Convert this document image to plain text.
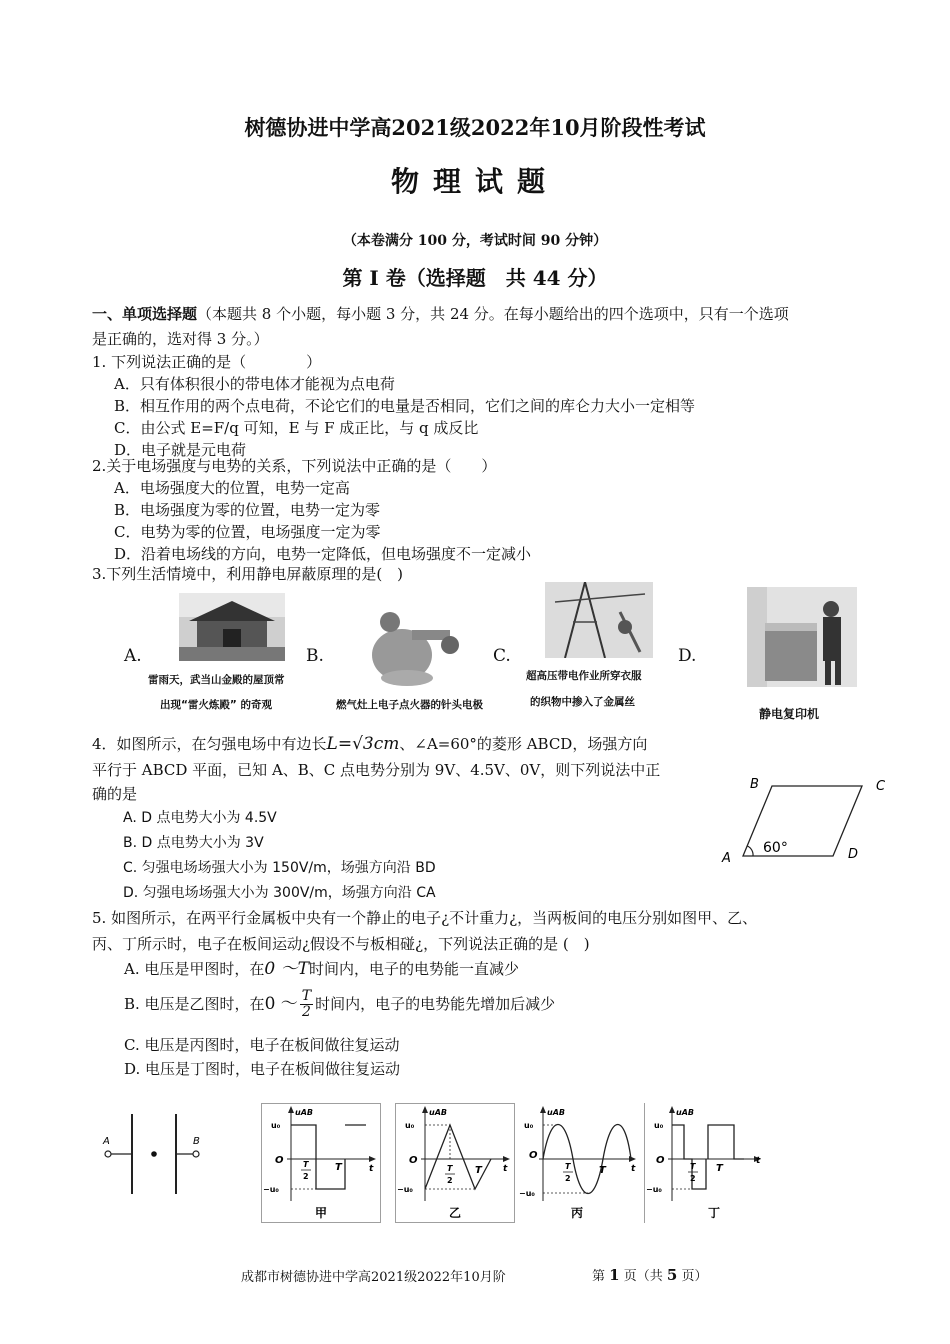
树德协进中学高2021级2022年10月阶段性考试
物理试题
（本卷满分 100 分，考试时间 90 分钟）
第 I 卷（选择题　共 44 分）
一、单项选择题（本题共 8 个小题，每小题 3 分，共 24 分。在每小题给出的四个选项中，只有一个选项
是正确的，选对得 3 分。）
1. 下列说法正确的是（　　　　）
A．只有体积很小的带电体才能视为点电荷
B．相互作用的两个点电荷，不论它们的电量是否相同，它们之间的库仑力大小一定相等
C．由公式 E=F/q 可知，E 与 F 成正比，与 q 成反比
D．电子就是元电荷
2.关于电场强度与电势的关系，下列说法中正确的是（　　）
A．电场强度大的位置，电势一定高
B．电场强度为零的位置，电势一定为零
C．电势为零的位置，电场强度一定为零
D．沿着电场线的方向，电势一定降低，但电场强度不一定减小
3.下列生活情境中，利用静电屏蔽原理的是(　)
A.
雷雨天，武当山金殿的屋顶常
出现“雷火炼殿” 的奇观
B.
燃气灶上电子点火器的针头电极
C.
超高压带电作业所穿衣服
的织物中掺入了金属丝
D.
静电复印机
4．如图所示，在匀强电场中有边长L=√3cm、∠A=60°的菱形 ABCD，场强方向
平行于 ABCD 平面，已知 A、B、C 点电势分别为 9V、4.5V、0V，则下列说法中正
确的是
A. D 点电势大小为 4.5V
B. D 点电势大小为 3V
C. 匀强电场场强大小为 150V/m，场强方向沿 BD
D. 匀强电场场强大小为 300V/m，场强方向沿 CA
A
B	C
D
60°
5. 如图所示，在两平行金属板中央有一个静止的电子¿不计重力¿，当两板间的电压分别如图甲、乙、
丙、丁所示时，电子在板间运动¿假设不与板相碰¿，下列说法正确的是 (　)
A. 电压是甲图时，在0 ～T时间内，电子的电势能一直减少
B. 电压是乙图时，在 0 ～ $\frac{T}{2}$ 时间内，电子的电势能先增加后减少
C. 电压是丙图时，电子在板间做往复运动
D. 电压是丁图时，电子在板间做往复运动
A	B
uAB
u₀
−u₀
O T
2
T	t
甲
uAB
u₀
−u₀
O
T
2
T t
乙
uAB
u₀
−u₀
O
T
2
T	t
丙
uAB
u₀
−u₀
O
T
2
T
t
丁
成都市树德协进中学高2021级2022年10月阶	第 1 页（共 5 页）
